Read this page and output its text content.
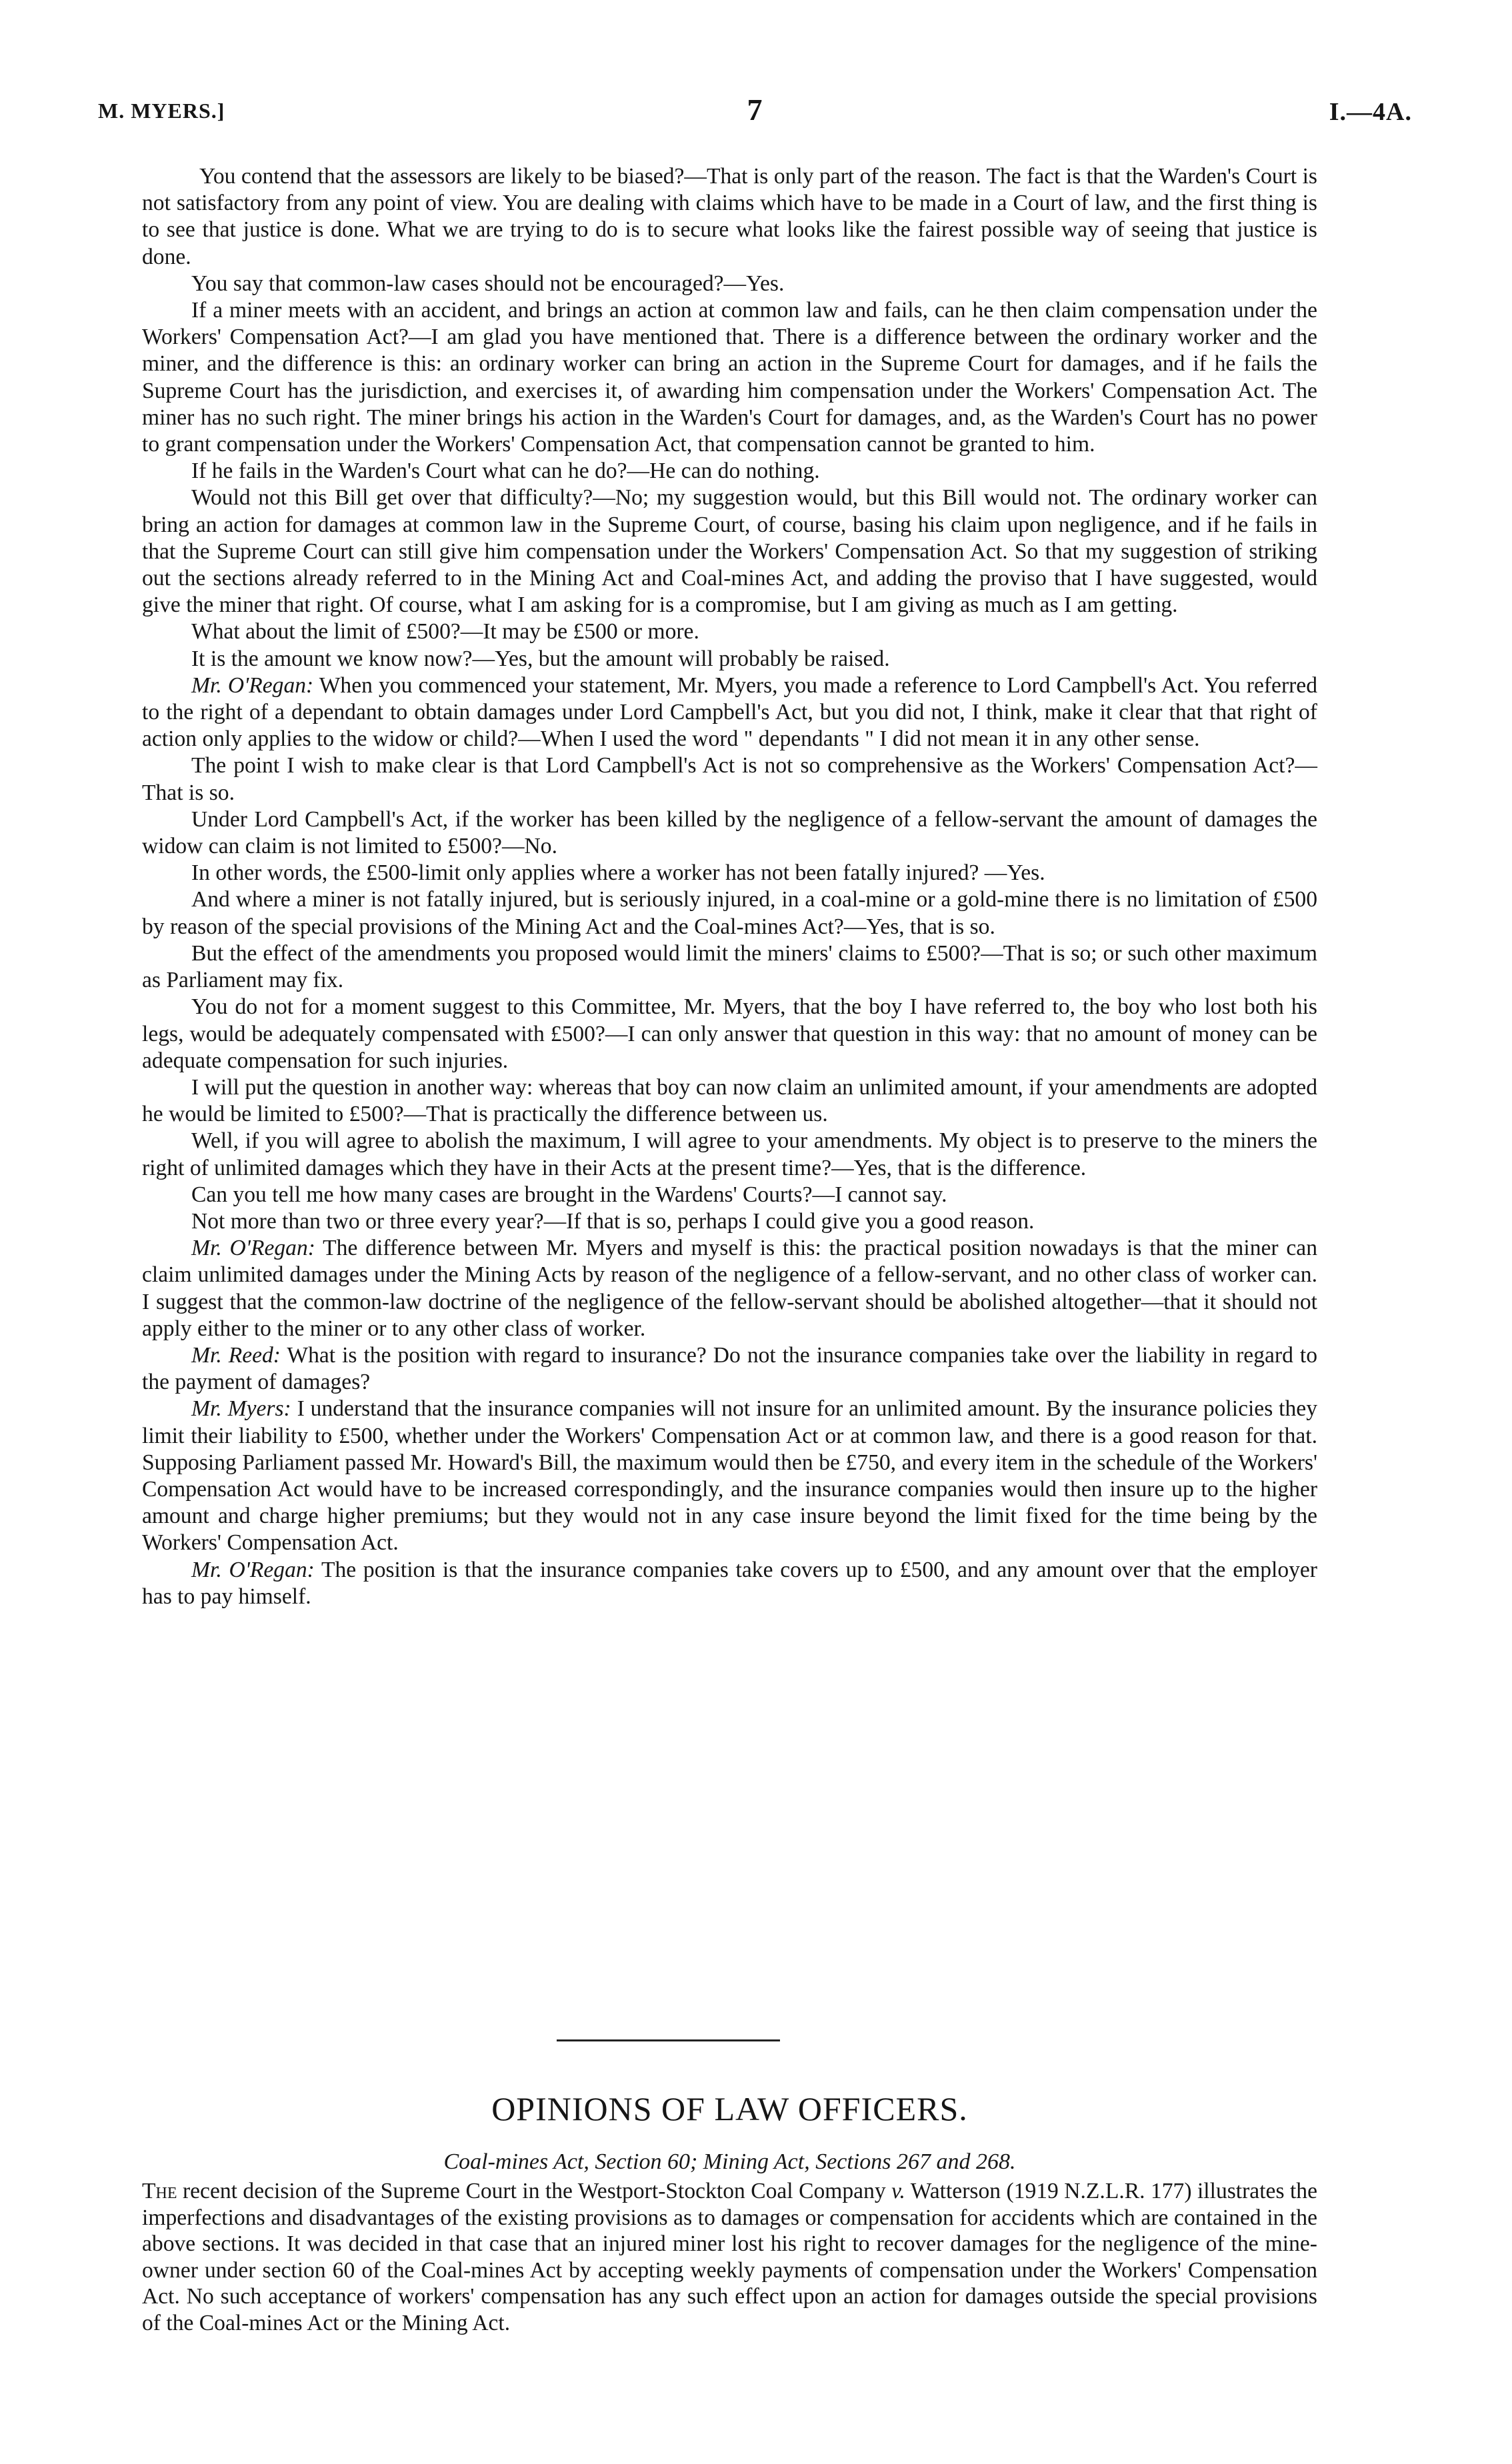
M. MYERS.]	7	I.—4A.

You contend that the assessors are likely to be biased?—That is only part of the reason. The fact is that the Warden's Court is not satisfactory from any point of view. You are dealing with claims which have to be made in a Court of law, and the first thing is to see that justice is done. What we are trying to do is to secure what looks like the fairest possible way of seeing that justice is done.

You say that common-law cases should not be encouraged?—Yes.

If a miner meets with an accident, and brings an action at common law and fails, can he then claim compensation under the Workers' Compensation Act?—I am glad you have mentioned that. There is a difference between the ordinary worker and the miner, and the difference is this: an ordinary worker can bring an action in the Supreme Court for damages, and if he fails the Supreme Court has the jurisdiction, and exercises it, of awarding him compensation under the Workers' Compensation Act. The miner has no such right. The miner brings his action in the Warden's Court for damages, and, as the Warden's Court has no power to grant compensation under the Workers' Compensation Act, that compensation cannot be granted to him.

If he fails in the Warden's Court what can he do?—He can do nothing.

Would not this Bill get over that difficulty?—No; my suggestion would, but this Bill would not. The ordinary worker can bring an action for damages at common law in the Supreme Court, of course, basing his claim upon negligence, and if he fails in that the Supreme Court can still give him compensation under the Workers' Compensation Act. So that my suggestion of striking out the sections already referred to in the Mining Act and Coal-mines Act, and adding the proviso that I have suggested, would give the miner that right. Of course, what I am asking for is a compromise, but I am giving as much as I am getting.

What about the limit of £500?—It may be £500 or more.

It is the amount we know now?—Yes, but the amount will probably be raised.

Mr. O'Regan: When you commenced your statement, Mr. Myers, you made a reference to Lord Campbell's Act. You referred to the right of a dependant to obtain damages under Lord Campbell's Act, but you did not, I think, make it clear that that right of action only applies to the widow or child?—When I used the word " dependants " I did not mean it in any other sense.

The point I wish to make clear is that Lord Campbell's Act is not so comprehensive as the Workers' Compensation Act?—That is so.

Under Lord Campbell's Act, if the worker has been killed by the negligence of a fellow-servant the amount of damages the widow can claim is not limited to £500?—No.

In other words, the £500-limit only applies where a worker has not been fatally injured? —Yes.

And where a miner is not fatally injured, but is seriously injured, in a coal-mine or a gold-mine there is no limitation of £500 by reason of the special provisions of the Mining Act and the Coal-mines Act?—Yes, that is so.

But the effect of the amendments you proposed would limit the miners' claims to £500?—That is so; or such other maximum as Parliament may fix.

You do not for a moment suggest to this Committee, Mr. Myers, that the boy I have referred to, the boy who lost both his legs, would be adequately compensated with £500?—I can only answer that question in this way: that no amount of money can be adequate compensation for such injuries.

I will put the question in another way: whereas that boy can now claim an unlimited amount, if your amendments are adopted he would be limited to £500?—That is practically the difference between us.

Well, if you will agree to abolish the maximum, I will agree to your amendments. My object is to preserve to the miners the right of unlimited damages which they have in their Acts at the present time?—Yes, that is the difference.

Can you tell me how many cases are brought in the Wardens' Courts?—I cannot say.

Not more than two or three every year?—If that is so, perhaps I could give you a good reason.

Mr. O'Regan: The difference between Mr. Myers and myself is this: the practical position nowadays is that the miner can claim unlimited damages under the Mining Acts by reason of the negligence of a fellow-servant, and no other class of worker can. I suggest that the common-law doctrine of the negligence of the fellow-servant should be abolished altogether—that it should not apply either to the miner or to any other class of worker.

Mr. Reed: What is the position with regard to insurance? Do not the insurance companies take over the liability in regard to the payment of damages?

Mr. Myers: I understand that the insurance companies will not insure for an unlimited amount. By the insurance policies they limit their liability to £500, whether under the Workers' Compensation Act or at common law, and there is a good reason for that. Supposing Parliament passed Mr. Howard's Bill, the maximum would then be £750, and every item in the schedule of the Workers' Compensation Act would have to be increased correspondingly, and the insurance companies would then insure up to the higher amount and charge higher premiums; but they would not in any case insure beyond the limit fixed for the time being by the Workers' Compensation Act.

Mr. O'Regan: The position is that the insurance companies take covers up to £500, and any amount over that the employer has to pay himself.

OPINIONS OF LAW OFFICERS.
Coal-mines Act, Section 60; Mining Act, Sections 267 and 268.
The recent decision of the Supreme Court in the Westport-Stockton Coal Company v. Watterson (1919 N.Z.L.R. 177) illustrates the imperfections and disadvantages of the existing provisions as to damages or compensation for accidents which are contained in the above sections. It was decided in that case that an injured miner lost his right to recover damages for the negligence of the mine-owner under section 60 of the Coal-mines Act by accepting weekly payments of compensation under the Workers' Compensation Act. No such acceptance of workers' compensation has any such effect upon an action for damages outside the special provisions of the Coal-mines Act or the Mining Act.
